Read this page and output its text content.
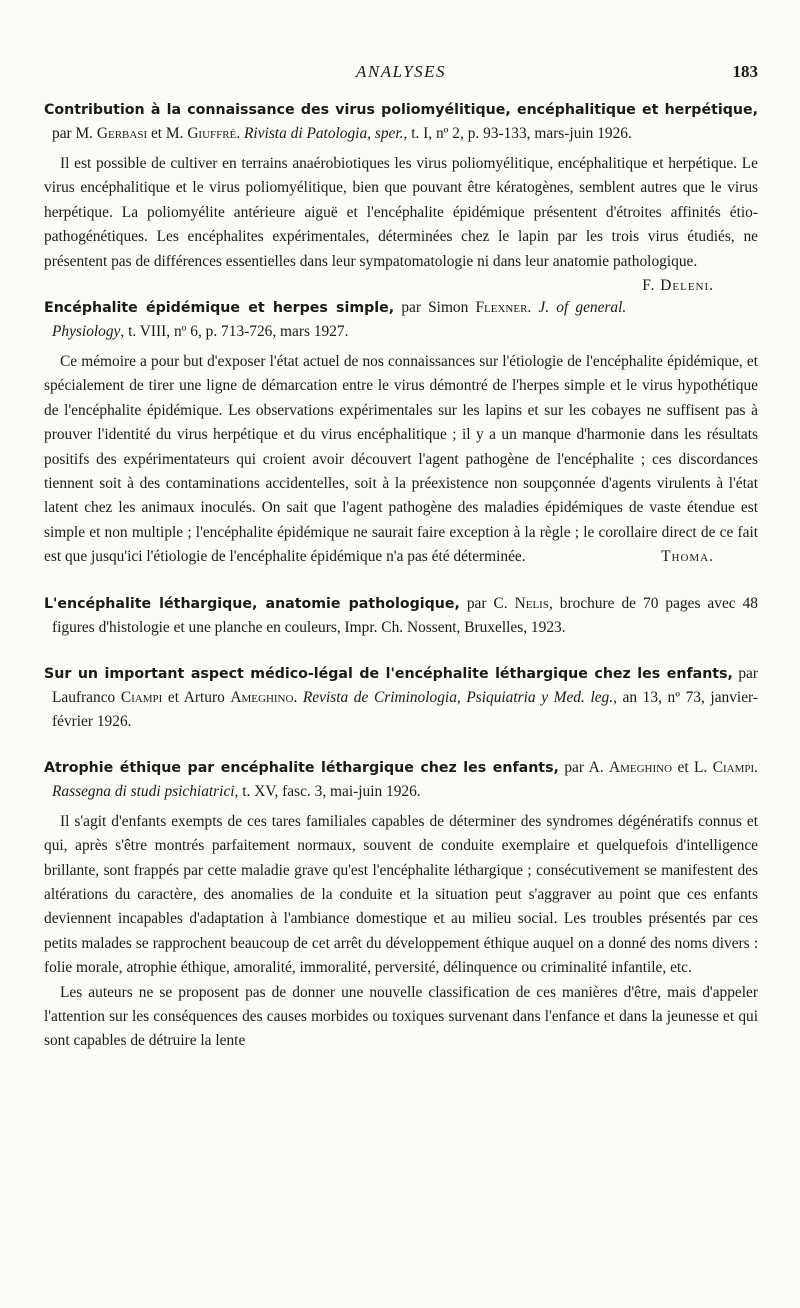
ANALYSES	183

Contribution à la connaissance des virus poliomyélitique, encéphalitique et herpétique, par M. Gerbasi et M. Giuffré. Rivista di Patologia, sper., t. I, nº 2, p. 93-133, mars-juin 1926.

Il est possible de cultiver en terrains anaérobiotiques les virus poliomyélitique, encéphalitique et herpétique. Le virus encéphalitique et le virus poliomyélitique, bien que pouvant être kératogènes, semblent autres que le virus herpétique. La poliomyélite antérieure aiguë et l'encéphalite épidémique présentent d'étroites affinités étio-pathogénétiques. Les encéphalites expérimentales, déterminées chez le lapin par les trois virus étudiés, ne présentent pas de différences essentielles dans leur sympatomatologie ni dans leur anatomie pathologique.
F. Deleni.

Encéphalite épidémique et herpes simple, par Simon Flexner. J. of general. Physiology, t. VIII, nº 6, p. 713-726, mars 1927.

Ce mémoire a pour but d'exposer l'état actuel de nos connaissances sur l'étiologie de l'encéphalite épidémique, et spécialement de tirer une ligne de démarcation entre le virus démontré de l'herpes simple et le virus hypothétique de l'encéphalite épidémique. Les observations expérimentales sur les lapins et sur les cobayes ne suffisent pas à prouver l'identité du virus herpétique et du virus encéphalitique ; il y a un manque d'harmonie dans les résultats positifs des expérimentateurs qui croient avoir découvert l'agent pathogène de l'encéphalite ; ces discordances tiennent soit à des contaminations accidentelles, soit à la préexistence non soupçonnée d'agents virulents à l'état latent chez les animaux inoculés. On sait que l'agent pathogène des maladies épidémiques de vaste étendue est simple et non multiple ; l'encéphalite épidémique ne saurait faire exception à la règle ; le corollaire direct de ce fait est que jusqu'ici l'étiologie de l'encéphalite épidémique n'a pas été déterminée.	Thoma.

L'encéphalite léthargique, anatomie pathologique, par C. Nelis, brochure de 70 pages avec 48 figures d'histologie et une planche en couleurs, Impr. Ch. Nossent, Bruxelles, 1923.

Sur un important aspect médico-légal de l'encéphalite léthargique chez les enfants, par Laufranco Ciampi et Arturo Ameghino. Revista de Criminologia, Psiquiatria y Med. leg., an 13, nº 73, janvier-février 1926.

Atrophie éthique par encéphalite léthargique chez les enfants, par A. Ameghino et L. Ciampi. Rassegna di studi psichiatrici, t. XV, fasc. 3, mai-juin 1926.

Il s'agit d'enfants exempts de ces tares familiales capables de déterminer des syndromes dégénératifs connus et qui, après s'être montrés parfaitement normaux, souvent de conduite exemplaire et quelquefois d'intelligence brillante, sont frappés par cette maladie grave qu'est l'encéphalite léthargique ; consécutivement se manifestent des altérations du caractère, des anomalies de la conduite et la situation peut s'aggraver au point que ces enfants deviennent incapables d'adaptation à l'ambiance domestique et au milieu social. Les troubles présentés par ces petits malades se rapprochent beaucoup de cet arrêt du développement éthique auquel on a donné des noms divers : folie morale, atrophie éthique, amoralité, immoralité, perversité, délinquence ou criminalité infantile, etc.

Les auteurs ne se proposent pas de donner une nouvelle classification de ces manières d'être, mais d'appeler l'attention sur les conséquences des causes morbides ou toxiques survenant dans l'enfance et dans la jeunesse et qui sont capables de détruire la lente
